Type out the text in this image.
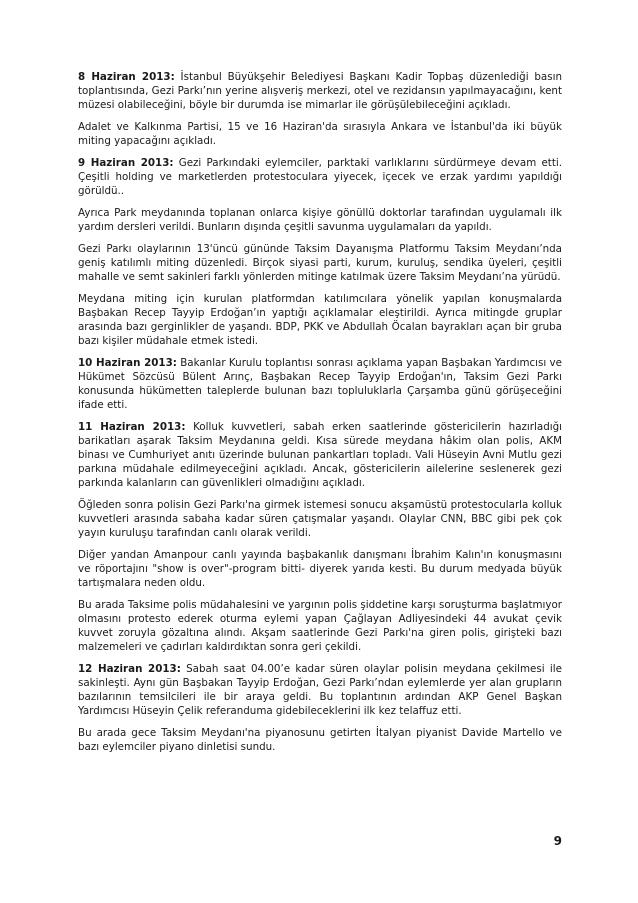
8 Haziran 2013: İstanbul Büyükşehir Belediyesi Başkanı Kadir Topbaş düzenlediği basın toplantısında, Gezi Parkı’nın yerine alışveriş merkezi, otel ve rezidansın yapılmayacağını, kent müzesi olabileceğini, böyle bir durumda ise mimarlar ile görüşülebileceğini açıkladı.

Adalet ve Kalkınma Partisi, 15 ve 16 Haziran'da sırasıyla Ankara ve İstanbul'da iki büyük miting yapacağını açıkladı.

9 Haziran 2013: Gezi Parkındaki eylemciler, parktaki varlıklarını sürdürmeye devam etti. Çeşitli holding ve marketlerden protestoculara yiyecek, içecek ve erzak yardımı yapıldığı görüldü..

Ayrıca Park meydanında toplanan onlarca kişiye gönüllü doktorlar tarafından uygulamalı ilk yardım dersleri verildi. Bunların dışında çeşitli savunma uygulamaları da yapıldı.

Gezi Parkı olaylarının 13'üncü gününde Taksim Dayanışma Platformu Taksim Meydanı’nda geniş katılımlı miting düzenledi. Birçok siyasi parti, kurum, kuruluş, sendika üyeleri, çeşitli mahalle ve semt sakinleri farklı yönlerden mitinge katılmak üzere Taksim Meydanı’na yürüdü.

Meydana miting için kurulan platformdan katılımcılara yönelik yapılan konuşmalarda Başbakan Recep Tayyip Erdoğan’ın yaptığı açıklamalar eleştirildi. Ayrıca mitingde gruplar arasında bazı gerginlikler de yaşandı. BDP, PKK ve Abdullah Öcalan bayrakları açan bir gruba bazı kişiler müdahale etmek istedi.

10 Haziran 2013: Bakanlar Kurulu toplantısı sonrası açıklama yapan Başbakan Yardımcısı ve Hükümet Sözcüsü Bülent Arınç, Başbakan Recep Tayyip Erdoğan'ın, Taksim Gezi Parkı konusunda hükümetten taleplerde bulunan bazı topluluklarla Çarşamba günü görüşeceğini ifade etti.

11 Haziran 2013: Kolluk kuvvetleri, sabah erken saatlerinde göstericilerin hazırladığı barikatları aşarak Taksim Meydanına geldi. Kısa sürede meydana hâkim olan polis, AKM binası ve Cumhuriyet anıtı üzerinde bulunan pankartları topladı. Vali Hüseyin Avni Mutlu gezi parkına müdahale edilmeyeceğini açıkladı. Ancak, göstericilerin ailelerine seslenerek gezi parkında kalanların can güvenlikleri olmadığını açıkladı.

Öğleden sonra polisin Gezi Parkı'na girmek istemesi sonucu akşamüstü protestocularla kolluk kuvvetleri arasında sabaha kadar süren çatışmalar yaşandı. Olaylar CNN, BBC gibi pek çok yayın kuruluşu tarafından canlı olarak verildi.

Diğer yandan Amanpour canlı yayında başbakanlık danışmanı İbrahim Kalın'ın konuşmasını ve röportajını "show is over"-program bitti- diyerek yarıda kesti. Bu durum medyada büyük tartışmalara neden oldu.

Bu arada Taksime polis müdahalesini ve yargının polis şiddetine karşı soruşturma başlatmıyor olmasını protesto ederek oturma eylemi yapan Çağlayan Adliyesindeki 44 avukat çevik kuvvet zoruyla gözaltına alındı. Akşam saatlerinde Gezi Parkı'na giren polis, girişteki bazı malzemeleri ve çadırları kaldırdıktan sonra geri çekildi.

12 Haziran 2013: Sabah saat 04.00’e kadar süren olaylar polisin meydana çekilmesi ile sakinleşti. Aynı gün Başbakan Tayyip Erdoğan, Gezi Parkı’ndan eylemlerde yer alan grupların bazılarının temsilcileri ile bir araya geldi. Bu toplantının ardından AKP Genel Başkan Yardımcısı Hüseyin Çelik referanduma gidebileceklerini ilk kez telaffuz etti.

Bu arada gece Taksim Meydanı'na piyanosunu getirten İtalyan piyanist Davide Martello ve bazı eylemciler piyano dinletisi sundu.

9
